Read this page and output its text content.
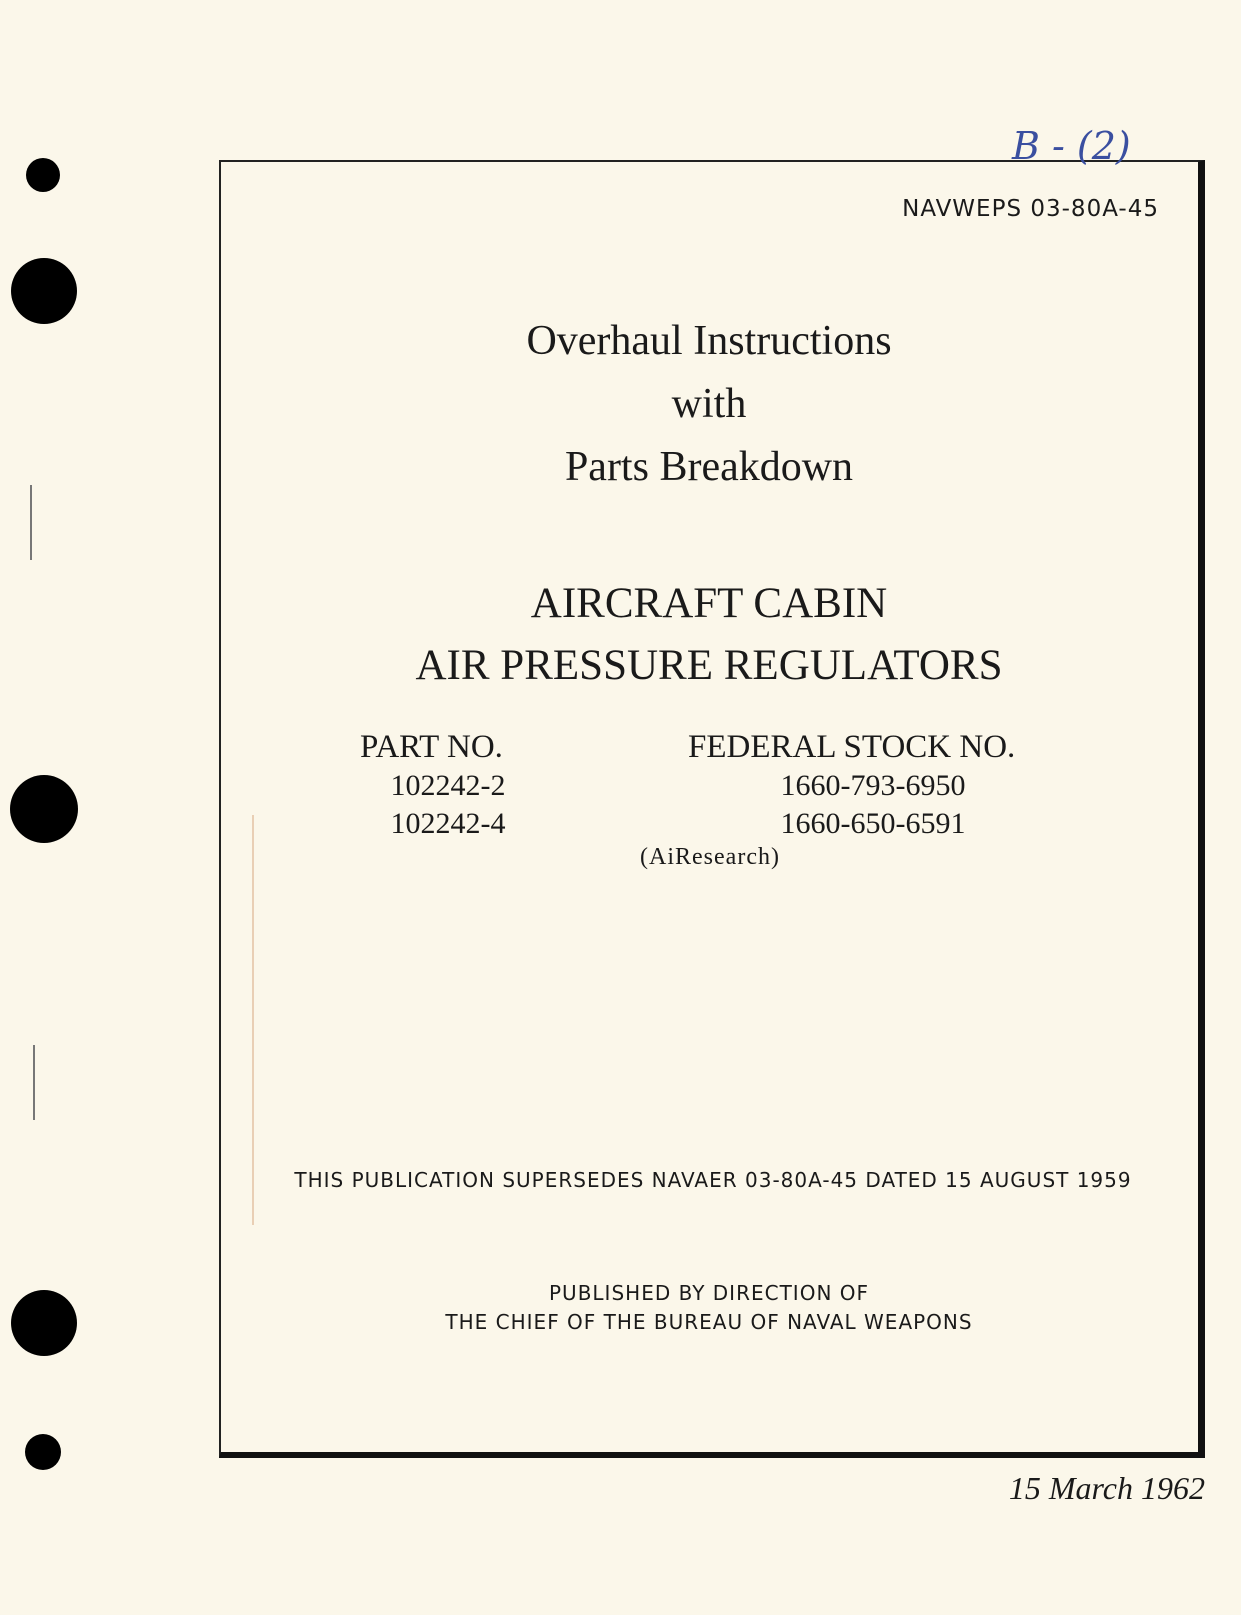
B - (2)
NAVWEPS 03-80A-45
Overhaul Instructions
with
Parts Breakdown
AIRCRAFT CABIN
AIR PRESSURE REGULATORS
PART NO.	FEDERAL STOCK NO.
102242-2	1660-793-6950
102242-4	1660-650-6591
(AiResearch)
THIS PUBLICATION SUPERSEDES NAVAER 03-80A-45 DATED 15 AUGUST 1959
PUBLISHED BY DIRECTION OF
THE CHIEF OF THE BUREAU OF NAVAL WEAPONS
15 March 1962
